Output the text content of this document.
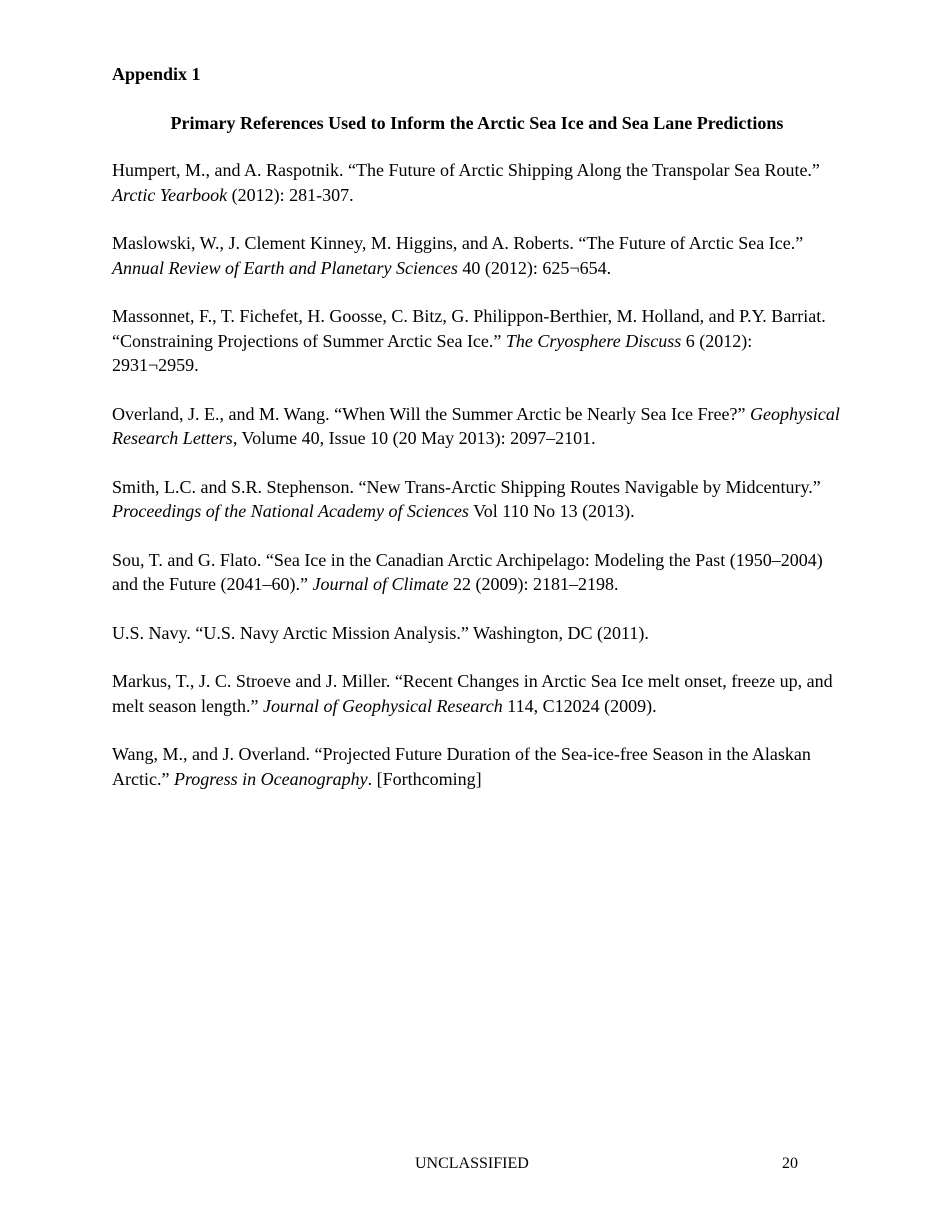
Appendix 1

Primary References Used to Inform the Arctic Sea Ice and Sea Lane Predictions

Humpert, M., and A. Raspotnik. “The Future of Arctic Shipping Along the Transpolar Sea Route.” Arctic Yearbook (2012): 281-307.

Maslowski, W., J. Clement Kinney, M. Higgins, and A. Roberts. “The Future of Arctic Sea Ice.” Annual Review of Earth and Planetary Sciences 40 (2012): 625¬654.

Massonnet, F., T. Fichefet, H. Goosse, C. Bitz, G. Philippon-Berthier, M. Holland, and P.Y. Barriat. “Constraining Projections of Summer Arctic Sea Ice.” The Cryosphere Discuss 6 (2012): 2931¬2959.

Overland, J. E., and M. Wang. “When Will the Summer Arctic be Nearly Sea Ice Free?” Geophysical Research Letters, Volume 40, Issue 10 (20 May 2013): 2097–2101.

Smith, L.C. and S.R. Stephenson. “New Trans-Arctic Shipping Routes Navigable by Midcentury.” Proceedings of the National Academy of Sciences Vol 110 No 13 (2013).

Sou, T. and G. Flato. “Sea Ice in the Canadian Arctic Archipelago: Modeling the Past (1950–2004) and the Future (2041–60).” Journal of Climate 22 (2009): 2181–2198.

U.S. Navy. “U.S. Navy Arctic Mission Analysis.” Washington, DC (2011).

Markus, T., J. C. Stroeve and J. Miller. “Recent Changes in Arctic Sea Ice melt onset, freeze up, and melt season length.” Journal of Geophysical Research 114, C12024 (2009).

Wang, M., and J. Overland. “Projected Future Duration of the Sea-ice-free Season in the Alaskan Arctic.” Progress in Oceanography. [Forthcoming]

UNCLASSIFIED	20
